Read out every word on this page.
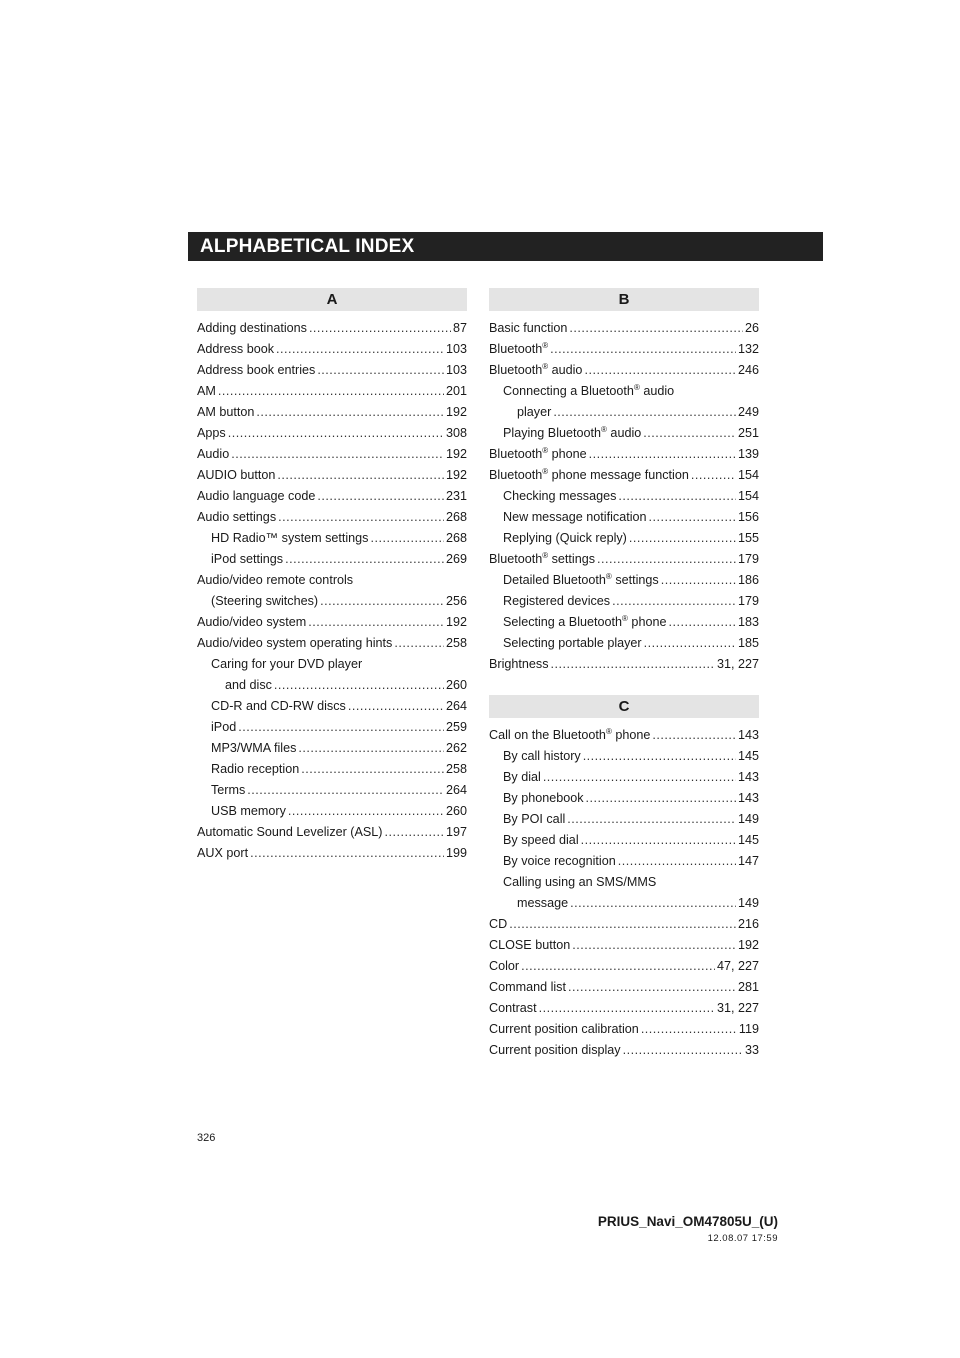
ALPHABETICAL INDEX
A
Adding destinations .....	87
Address book .....	103
Address book entries .....	103
AM .....	201
AM button .....	192
Apps .....	308
Audio .....	192
AUDIO button .....	192
Audio language code .....	231
Audio settings .....	268
HD Radio™ system settings .....	268
iPod settings .....	269
Audio/video remote controls
(Steering switches) .....	256
Audio/video system .....	192
Audio/video system operating hints .....	258
Caring for your DVD player
and disc .....	260
CD-R and CD-RW discs .....	264
iPod .....	259
MP3/WMA files .....	262
Radio reception .....	258
Terms .....	264
USB memory .....	260
Automatic Sound Levelizer (ASL) .....	197
AUX port .....	199
B
Basic function .....	26
Bluetooth® .....	132
Bluetooth® audio .....	246
Connecting a Bluetooth® audio
player .....	249
Playing Bluetooth® audio .....	251
Bluetooth® phone .....	139
Bluetooth® phone message function .....	154
Checking messages .....	154
New message notification .....	156
Replying (Quick reply) .....	155
Bluetooth® settings .....	179
Detailed Bluetooth® settings .....	186
Registered devices .....	179
Selecting a Bluetooth® phone .....	183
Selecting portable player .....	185
Brightness .....	31, 227
C
Call on the Bluetooth® phone .....	143
By call history .....	145
By dial .....	143
By phonebook .....	143
By POI call .....	149
By speed dial .....	145
By voice recognition .....	147
Calling using an SMS/MMS
message .....	149
CD .....	216
CLOSE button .....	192
Color .....	47, 227
Command list .....	281
Contrast .....	31, 227
Current position calibration .....	119
Current position display .....	33
326
PRIUS_Navi_OM47805U_(U)
12.08.07 17:59
